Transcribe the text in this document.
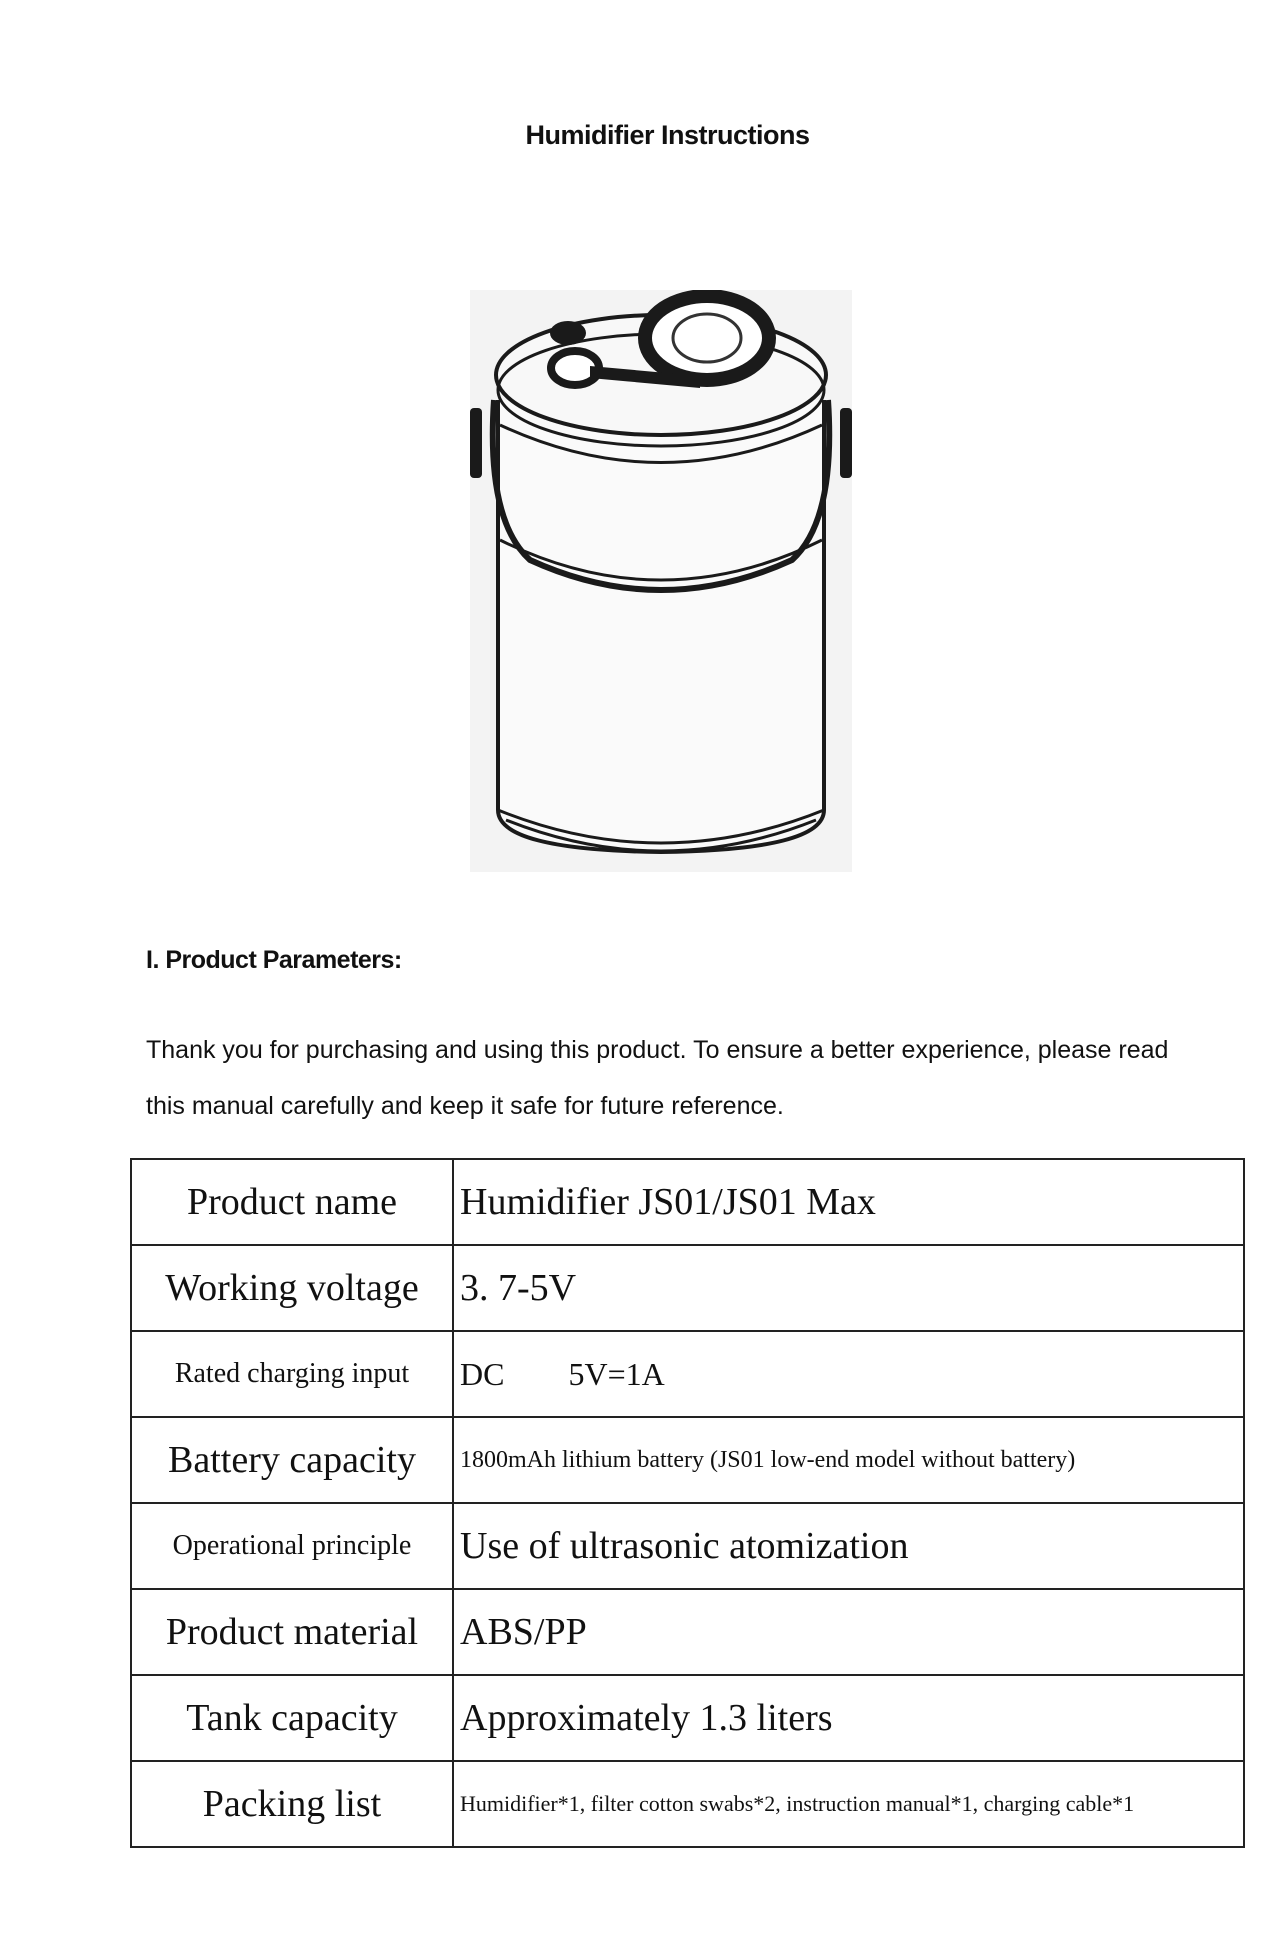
Humidifier Instructions
I. Product Parameters:
Thank you for purchasing and using this product. To ensure a better experience, please read
this manual carefully and keep it safe for future reference.
Product name	Humidifier JS01/JS01 Max
Working voltage	3. 7-5V
Rated charging input	DC        5V=1A
Battery capacity	1800mAh lithium battery (JS01 low-end model without battery)
Operational principle	Use of ultrasonic atomization
Product material	ABS/PP
Tank capacity	Approximately 1.3 liters
Packing list	Humidifier*1, filter cotton swabs*2, instruction manual*1, charging cable*1
